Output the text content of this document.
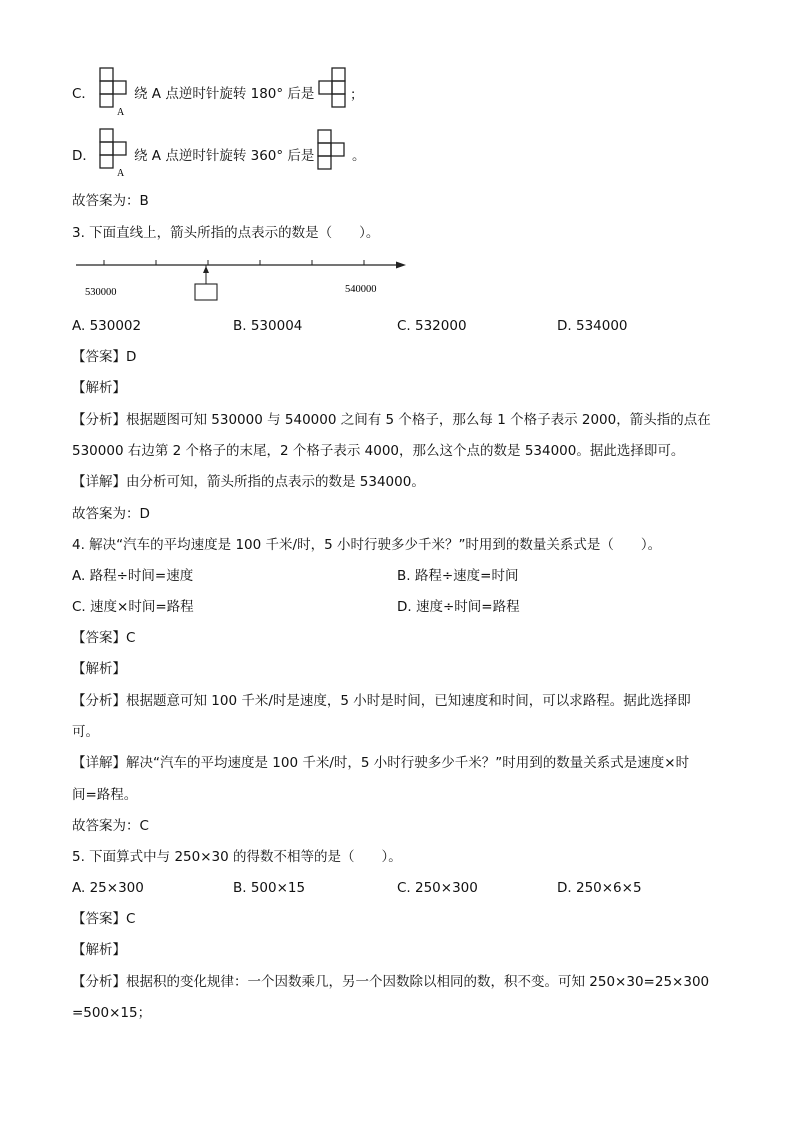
C．
A
绕 A 点逆时针旋转 180° 后是	；
D．
A
绕 A 点逆时针旋转 360° 后是	。
故答案为：B
3. 下面直线上，箭头所指的点表示的数是（　　）。
530000	540000
A. 530002	B. 530004	C. 532000	D. 534000
【答案】D
【解析】
【分析】根据题图可知 530000 与 540000 之间有 5 个格子，那么每 1 个格子表示 2000，箭头指的点在
530000 右边第 2 个格子的末尾，2 个格子表示 4000，那么这个点的数是 534000。据此选择即可。
【详解】由分析可知，箭头所指的点表示的数是 534000。
故答案为：D
4. 解决“汽车的平均速度是 100 千米/时，5 小时行驶多少千米？”时用到的数量关系式是（　　）。
A. 路程÷时间=速度	B. 路程÷速度=时间
C. 速度×时间=路程	D. 速度÷时间=路程
【答案】C
【解析】
【分析】根据题意可知 100 千米/时是速度，5 小时是时间，已知速度和时间，可以求路程。据此选择即
可。
【详解】解决“汽车的平均速度是 100 千米/时，5 小时行驶多少千米？”时用到的数量关系式是速度×时
间=路程。
故答案为：C
5. 下面算式中与 250×30 的得数不相等的是（　　）。
A. 25×300	B. 500×15	C. 250×300	D. 250×6×5
【答案】C
【解析】
【分析】根据积的变化规律：一个因数乘几，另一个因数除以相同的数，积不变。可知 250×30=25×300
=500×15；
